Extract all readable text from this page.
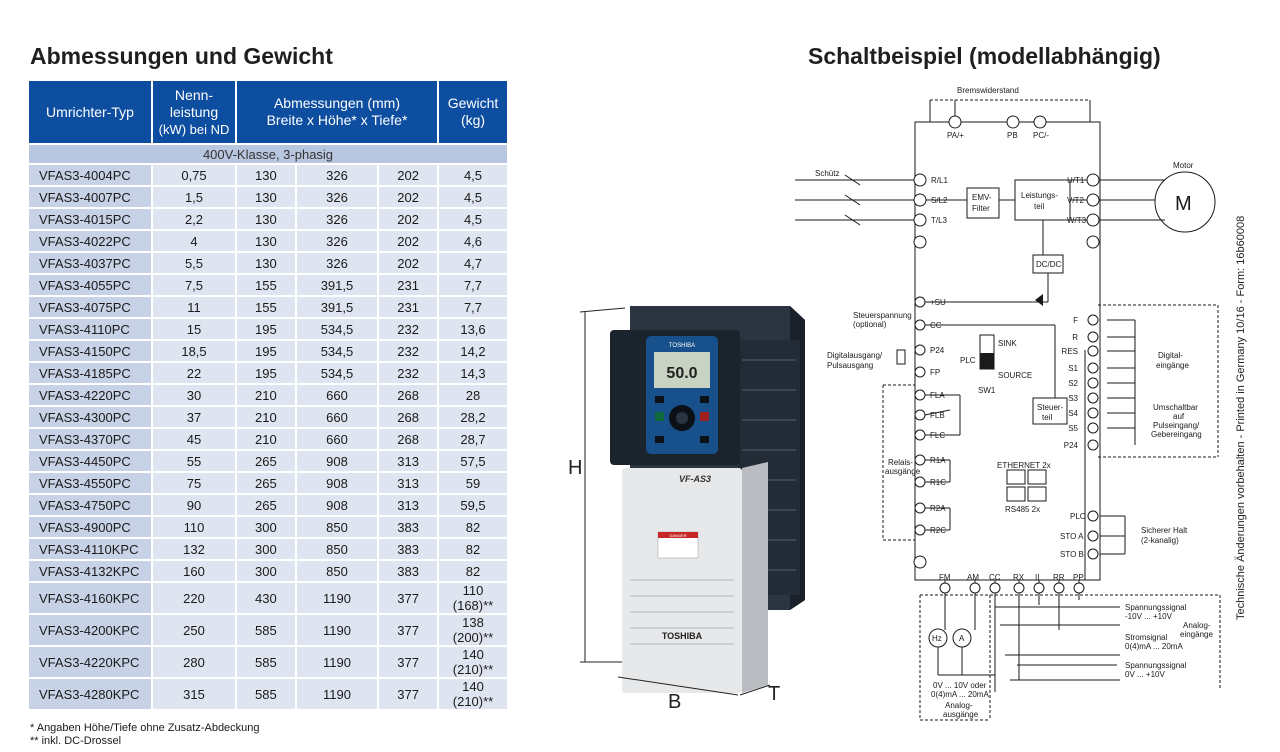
Abmessungen und Gewicht	Schaltbeispiel (modellabhängig)
Umrichter-Typ	Nenn-
leistung
(kW) bei ND	Abmessungen (mm)
Breite x Höhe* x Tiefe*			Gewicht
(kg)
400V-Klasse, 3-phasig					
VFAS3-4004PC	0,75	130	326	202	4,5
VFAS3-4007PC	1,5	130	326	202	4,5
VFAS3-4015PC	2,2	130	326	202	4,5
VFAS3-4022PC	4	130	326	202	4,6
VFAS3-4037PC	5,5	130	326	202	4,7
VFAS3-4055PC	7,5	155	391,5	231	7,7
VFAS3-4075PC	11	155	391,5	231	7,7
VFAS3-4110PC	15	195	534,5	232	13,6
VFAS3-4150PC	18,5	195	534,5	232	14,2
VFAS3-4185PC	22	195	534,5	232	14,3
VFAS3-4220PC	30	210	660	268	28
VFAS3-4300PC	37	210	660	268	28,2
VFAS3-4370PC	45	210	660	268	28,7
VFAS3-4450PC	55	265	908	313	57,5
VFAS3-4550PC	75	265	908	313	59
VFAS3-4750PC	90	265	908	313	59,5
VFAS3-4900PC	110	300	850	383	82
VFAS3-4110KPC	132	300	850	383	82
VFAS3-4132KPC	160	300	850	383	82
VFAS3-4160KPC	220	430	1190	377	110 (168)**
VFAS3-4200KPC	250	585	1190	377	138 (200)**
VFAS3-4220KPC	280	585	1190	377	140 (210)**
VFAS3-4280KPC	315	585	1190	377	140 (210)**
* Angaben Höhe/Tiefe ohne Zusatz-Abdeckung
** inkl. DC-Drossel
TOSHIBA
50.0
VF-AS3
DANGER
TOSHIBA
H
B	T
Bremswiderstand
PA/+	PB PC/-
Schütz
R/L1
S/L2
T/L3
U/T1
V/T2
W/T3
Motor
M
EMV-
Filter
Leistungs-
teil
DC/DC
Steuer-
teil
+SU
CC
P24
FP
Steuerspannung
(optional)
Digitalausgang/
Pulsausgang
SINK
SOURCE
PLC
SW1
FLA
FLB
FLC
R1A
R1C
R2A
R2C
Relais-
ausgänge
ETHERNET 2x
RS485 2x
F
R
RES
S1
S2
S3
S4
S5
P24
Digital-
eingänge
Umschaltbar
auf
Pulseingang/
Gebereingang
PLC
STO A
STO B
Sicherer Halt
(2-kanalig)
FM AM CC RX II RR PP
Hz A
Spannungssignal
-10V ... +10V
Stromsignal
0(4)mA ... 20mA
Spannungssignal
0V ... +10V
Analog-
eingänge
0V ... 10V oder
0(4)mA ... 20mA
Analog-
ausgänge
Technische Änderungen vorbehalten - Printed in Germany 10/16 - Form: 16b60008
